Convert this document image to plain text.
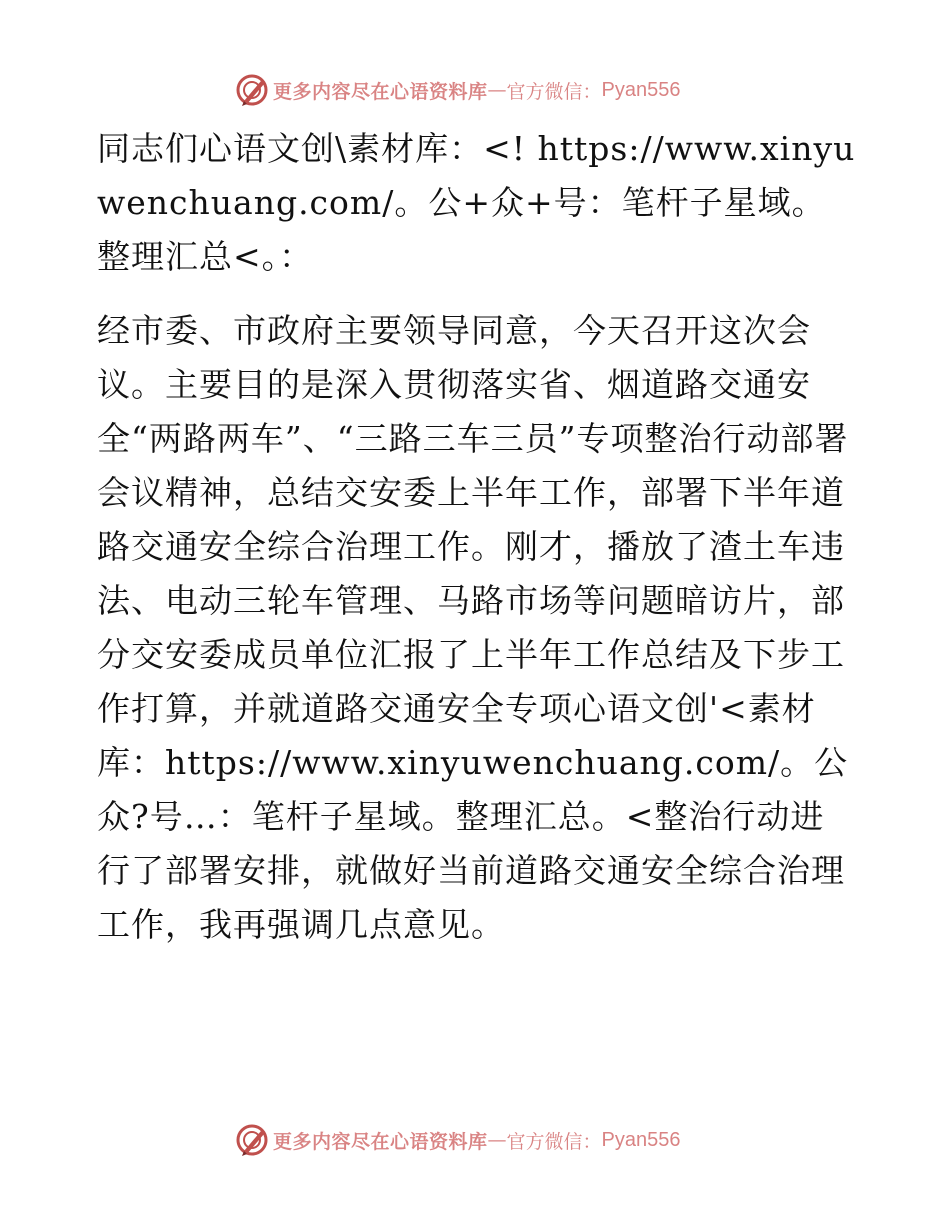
更多内容尽在心语资料库 — 官方微信： Pyan556

同志们心语文创\素材库：<! https://www.xinyuwenchuang.com/。公+众+号：笔杆子星域。整理汇总<。：

经市委、市政府主要领导同意，今天召开这次会议。主要目的是深入贯彻落实省、烟道路交通安全“两路两车”、“三路三车三员”专项整治行动部署会议精神，总结交安委上半年工作，部署下半年道路交通安全综合治理工作。刚才，播放了渣土车违法、电动三轮车管理、马路市场等问题暗访片，部分交安委成员单位汇报了上半年工作总结及下步工作打算，并就道路交通安全专项心语文创'<素材库：https://www.xinyuwenchuang.com/。公众?号…：笔杆子星域。整理汇总。<整治行动进行了部署安排，就做好当前道路交通安全综合治理工作，我再强调几点意见。

更多内容尽在心语资料库 — 官方微信： Pyan556
